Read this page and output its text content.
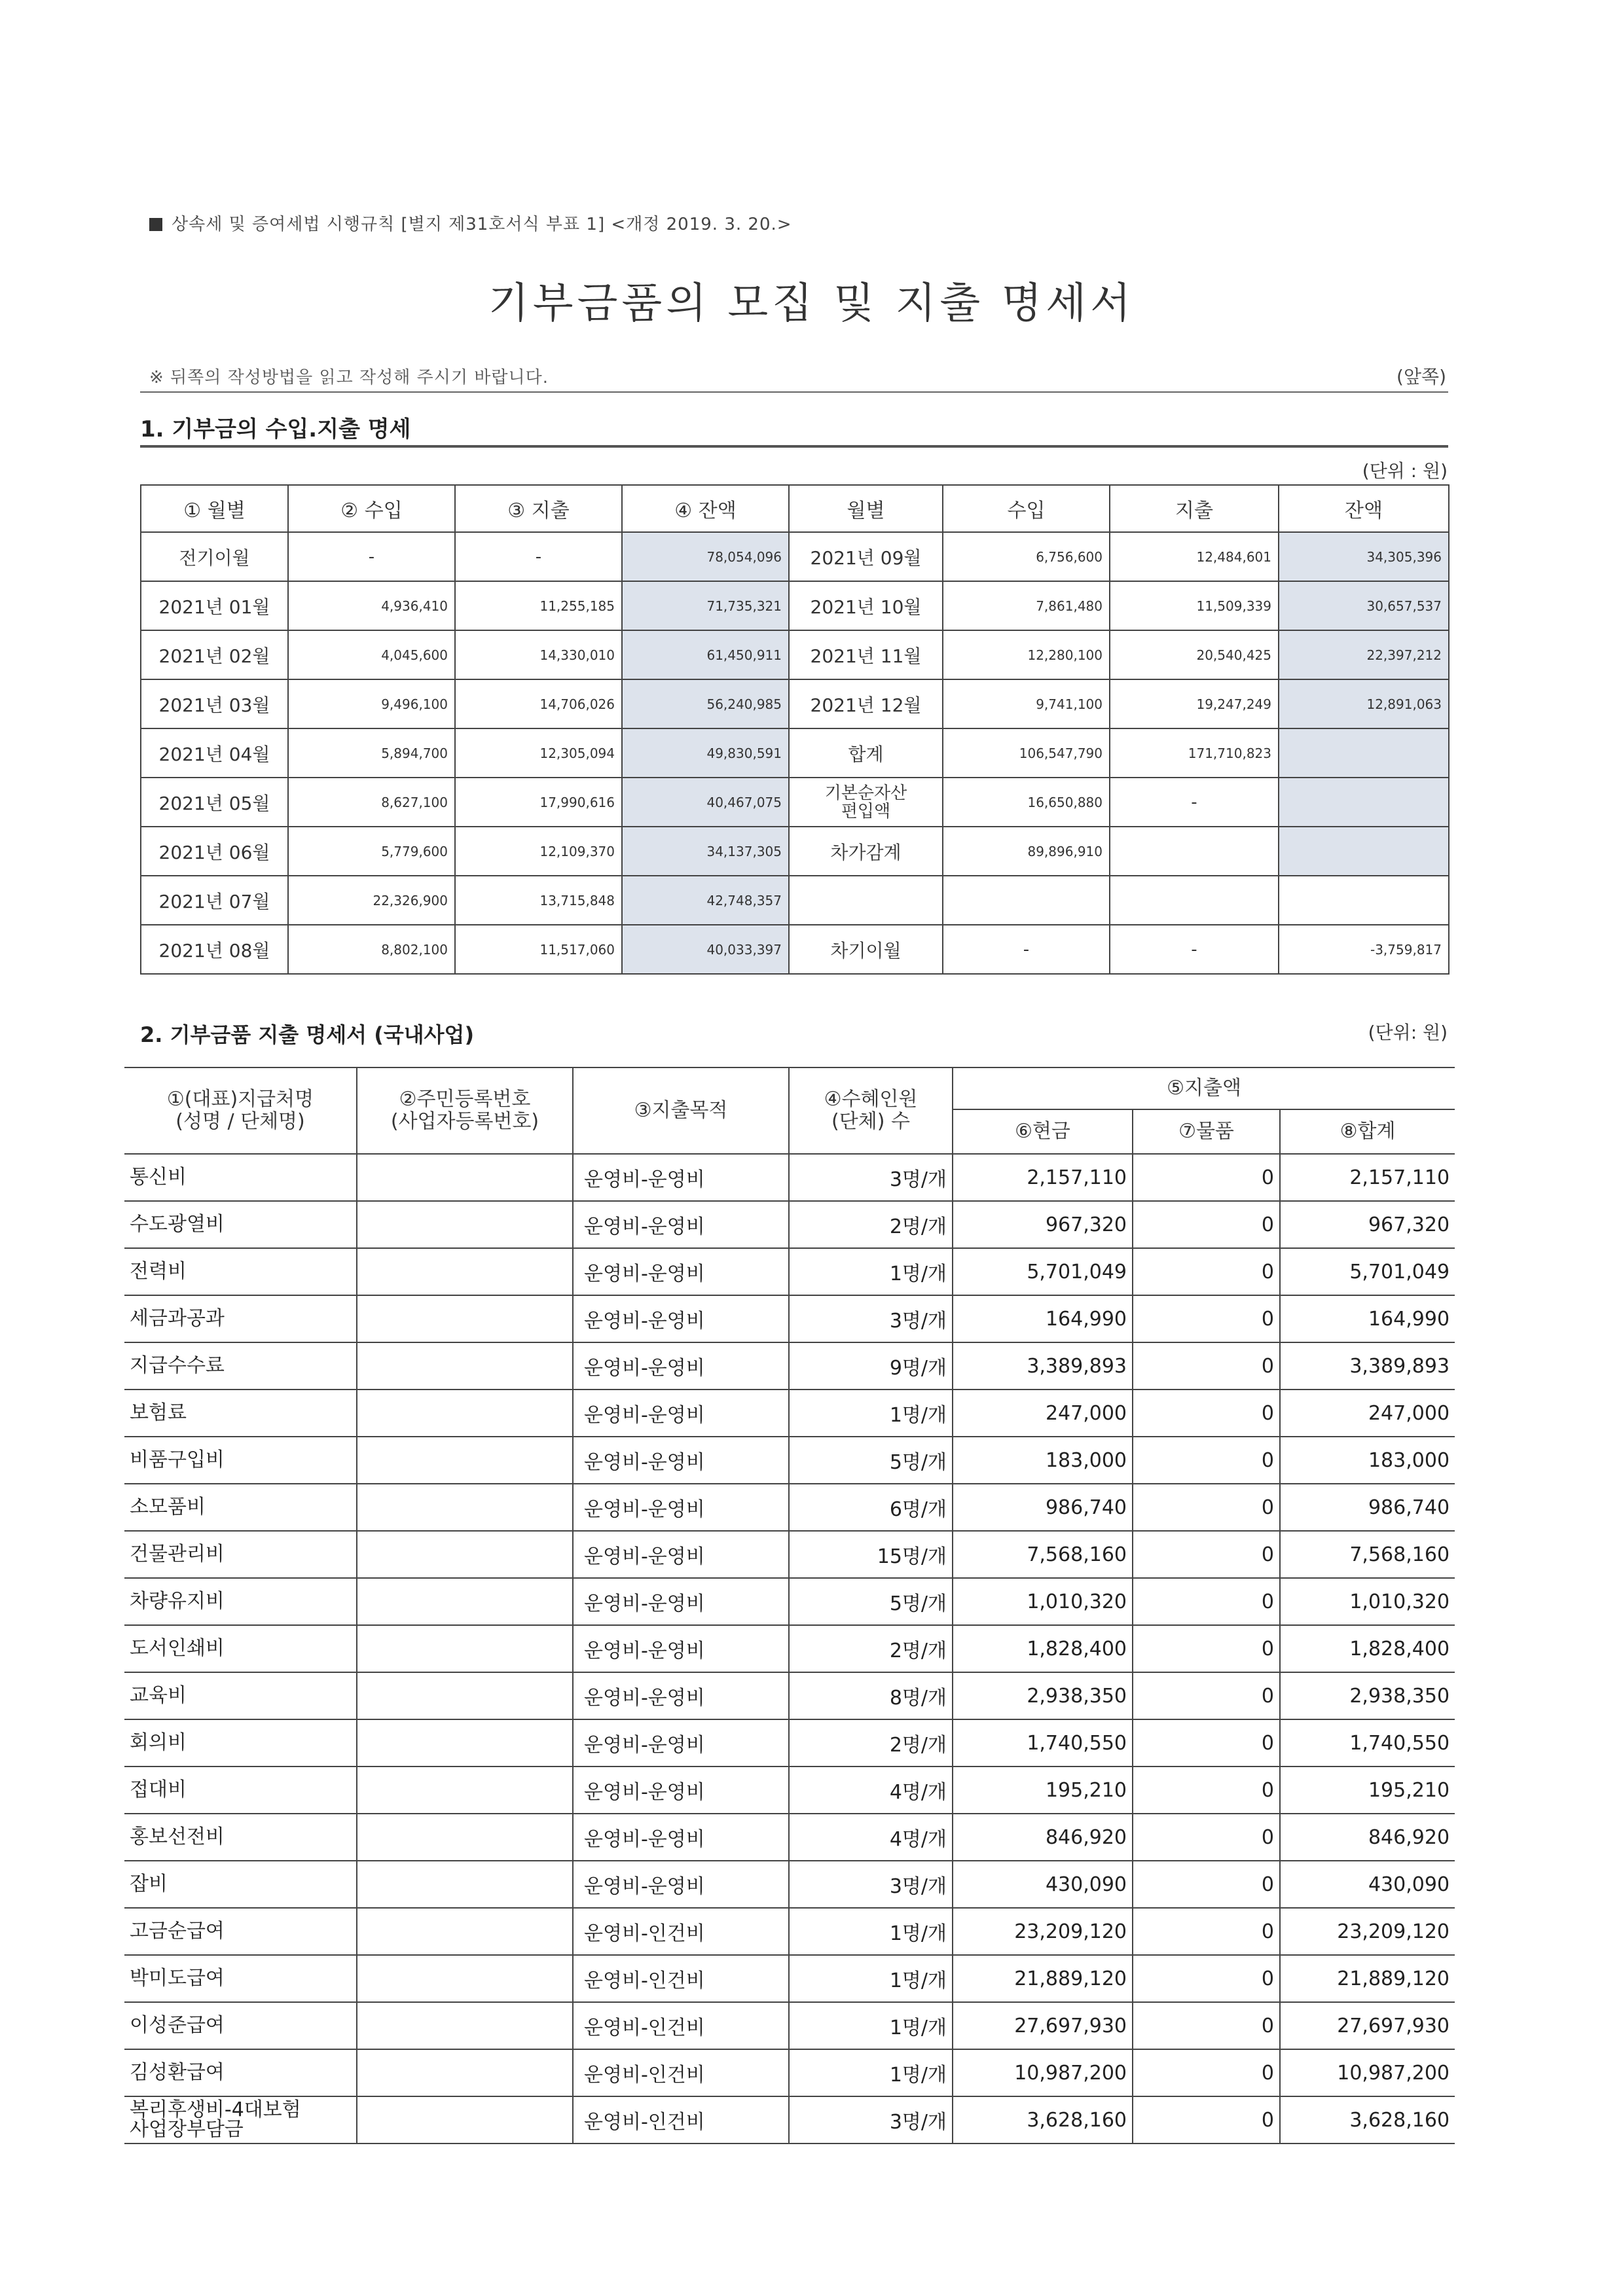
상속세 및 증여세법 시행규칙 [별지 제31호서식 부표 1] <개정 2019. 3. 20.>
기부금품의 모집 및 지출 명세서
※ 뒤쪽의 작성방법을 읽고 작성해 주시기 바랍니다.	(앞쪽)
1. 기부금의 수입.지출 명세
(단위 : 원)
① 월별	② 수입	③ 지출	④ 잔액	월별	수입	지출	잔액
전기이월	-	-	78,054,096	2021년 09월	6,756,600	12,484,601	34,305,396
2021년 01월	4,936,410	11,255,185	71,735,321	2021년 10월	7,861,480	11,509,339	30,657,537
2021년 02월	4,045,600	14,330,010	61,450,911	2021년 11월	12,280,100	20,540,425	22,397,212
2021년 03월	9,496,100	14,706,026	56,240,985	2021년 12월	9,741,100	19,247,249	12,891,063
2021년 04월	5,894,700	12,305,094	49,830,591	합계	106,547,790	171,710,823	
2021년 05월	8,627,100	17,990,616	40,467,075	기본순자산
편입액	16,650,880	-	
2021년 06월	5,779,600	12,109,370	34,137,305	차가감계	89,896,910		
2021년 07월	22,326,900	13,715,848	42,748,357				
2021년 08월	8,802,100	11,517,060	40,033,397	차기이월	-	-	-3,759,817
2. 기부금품 지출 명세서 (국내사업)	(단위: 원)
①(대표)지급처명
(성명 / 단체명)	②주민등록번호
(사업자등록번호)	③지출목적	④수혜인원
(단체) 수	⑤지출액		
				⑥현금	⑦물품	⑧합계
통신비		운영비-운영비	3명/개	2,157,110	0	2,157,110
수도광열비		운영비-운영비	2명/개	967,320	0	967,320
전력비		운영비-운영비	1명/개	5,701,049	0	5,701,049
세금과공과		운영비-운영비	3명/개	164,990	0	164,990
지급수수료		운영비-운영비	9명/개	3,389,893	0	3,389,893
보험료		운영비-운영비	1명/개	247,000	0	247,000
비품구입비		운영비-운영비	5명/개	183,000	0	183,000
소모품비		운영비-운영비	6명/개	986,740	0	986,740
건물관리비		운영비-운영비	15명/개	7,568,160	0	7,568,160
차량유지비		운영비-운영비	5명/개	1,010,320	0	1,010,320
도서인쇄비		운영비-운영비	2명/개	1,828,400	0	1,828,400
교육비		운영비-운영비	8명/개	2,938,350	0	2,938,350
회의비		운영비-운영비	2명/개	1,740,550	0	1,740,550
접대비		운영비-운영비	4명/개	195,210	0	195,210
홍보선전비		운영비-운영비	4명/개	846,920	0	846,920
잡비		운영비-운영비	3명/개	430,090	0	430,090
고금순급여		운영비-인건비	1명/개	23,209,120	0	23,209,120
박미도급여		운영비-인건비	1명/개	21,889,120	0	21,889,120
이성준급여		운영비-인건비	1명/개	27,697,930	0	27,697,930
김성환급여		운영비-인건비	1명/개	10,987,200	0	10,987,200
복리후생비-4대보험
사업장부담금		운영비-인건비	3명/개	3,628,160	0	3,628,160
